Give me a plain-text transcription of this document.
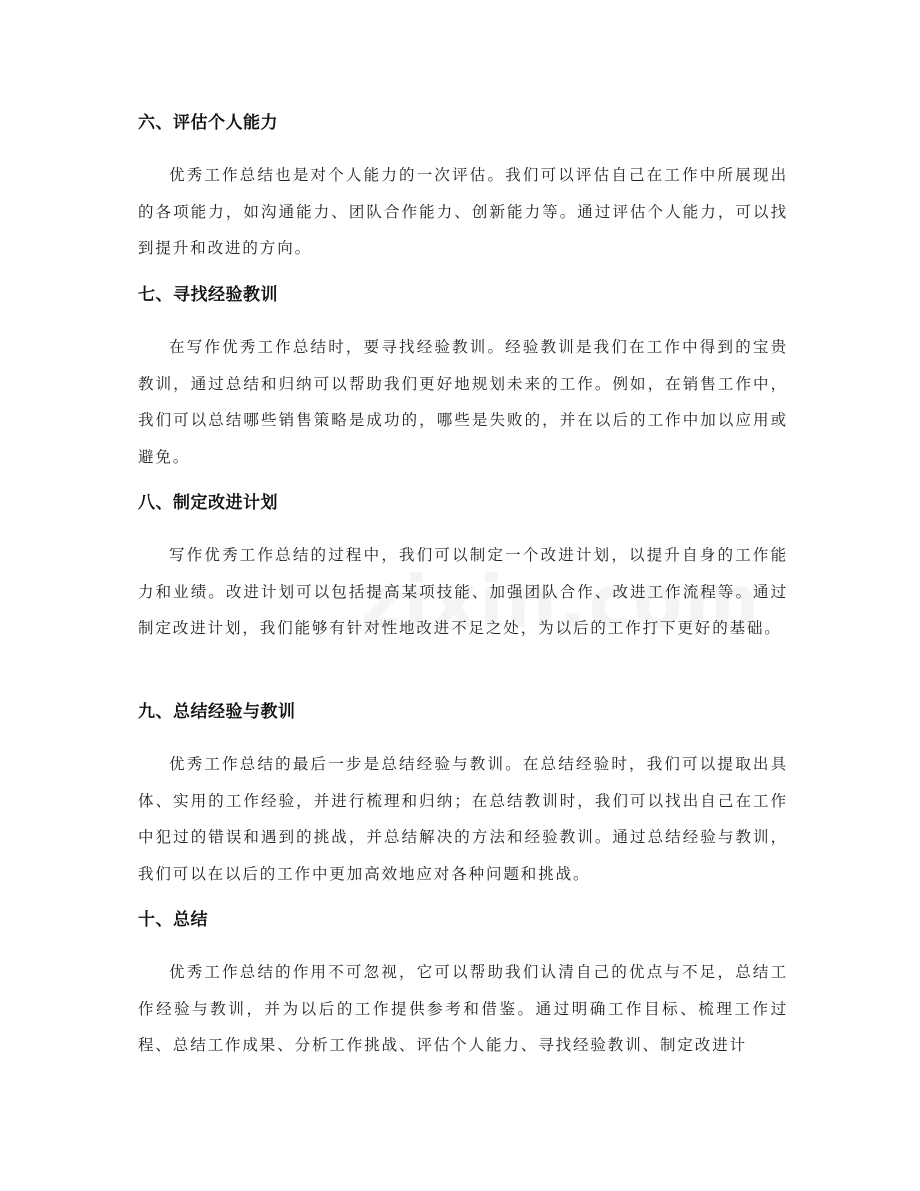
六、评估个人能力

优秀工作总结也是对个人能力的一次评估。我们可以评估自己在工作中所展现出的各项能力，如沟通能力、团队合作能力、创新能力等。通过评估个人能力，可以找到提升和改进的方向。

七、寻找经验教训

在写作优秀工作总结时，要寻找经验教训。经验教训是我们在工作中得到的宝贵教训，通过总结和归纳可以帮助我们更好地规划未来的工作。例如，在销售工作中，我们可以总结哪些销售策略是成功的，哪些是失败的，并在以后的工作中加以应用或避免。

八、制定改进计划

写作优秀工作总结的过程中，我们可以制定一个改进计划，以提升自身的工作能力和业绩。改进计划可以包括提高某项技能、加强团队合作、改进工作流程等。通过制定改进计划，我们能够有针对性地改进不足之处，为以后的工作打下更好的基础。

九、总结经验与教训

优秀工作总结的最后一步是总结经验与教训。在总结经验时，我们可以提取出具体、实用的工作经验，并进行梳理和归纳；在总结教训时，我们可以找出自己在工作中犯过的错误和遇到的挑战，并总结解决的方法和经验教训。通过总结经验与教训，我们可以在以后的工作中更加高效地应对各种问题和挑战。

十、总结

优秀工作总结的作用不可忽视，它可以帮助我们认清自己的优点与不足，总结工作经验与教训，并为以后的工作提供参考和借鉴。通过明确工作目标、梳理工作过程、总结工作成果、分析工作挑战、评估个人能力、寻找经验教训、制定改进计
